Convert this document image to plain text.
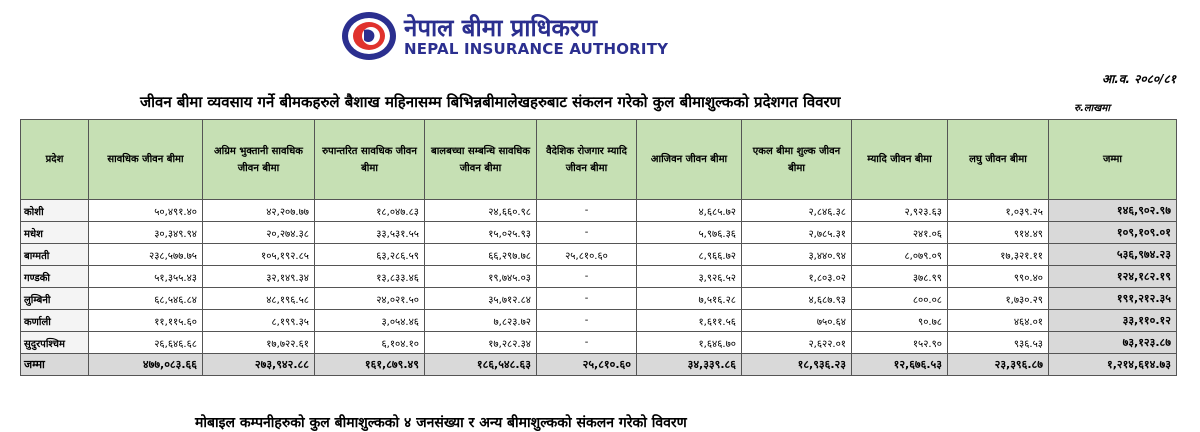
नेपाल बीमा प्राधिकरण
NEPAL INSURANCE AUTHORITY
आ.व. २०८०/८१
जीवन बीमा व्यवसाय गर्ने बीमकहरुले बैशाख महिनासम्म बिभिन्नबीमालेखहरुबाट संकलन गरेको कुल बीमाशुल्कको प्रदेशगत विवरण	रु.लाखमा
प्रदेश	सावधिक जीवन बीमा	अग्रिम भुक्तानी सावधिक जीवन बीमा	रुपान्तरित सावधिक जीवन बीमा	बालबच्चा सम्बन्धि सावधिक जीवन बीमा	वैदेशिक रोजगार म्यादि जीवन बीमा	आजिवन जीवन बीमा	एकल बीमा शुल्क जीवन बीमा	म्यादि जीवन बीमा	लघु जीवन बीमा	जम्मा
कोशी	५०,४९१.४०	४२,२०७.७७	१८,०४७.८३	२४,६६०.९८	-	४,६८५.७२	२,८४६.३८	२,९२३.६३	१,०३९.२५	१४६,९०२.९७
मधेश	३०,३४९.९४	२०,२७४.३८	३३,५३१.५५	१५,०२५.९३	-	५,९७६.३६	२,७८५.३१	२४१.०६	९१४.४९	१०९,१०९.०१
बाग्मती	२३८,५७७.७५	१०५,१९२.८५	६३,२८६.५९	६६,२९७.७८	२५,८१०.६०	८,९६६.७२	३,४४०.९४	८,०७९.०९	१७,३२१.११	५३६,९७४.२३
गण्डकी	५१,३५५.४३	३२,१४९.३४	१३,८३३.४६	१९,७४५.०३	-	३,९२६.५२	१,८०३.०२	३७८.९९	९९०.४०	१२४,१८२.१९
लुम्बिनी	६८,५४६.८४	४८,१९६.५८	२४,०२१.५०	३५,७१२.८४	-	७,५१६.२८	४,६८७.९३	८००.०८	१,७३०.२९	१९१,२१२.३५
कर्णाली	११,११५.६०	८,१९९.३५	३,०५४.४६	७,८२३.७२	-	१,६११.५६	७५०.६४	९०.७८	४६४.०१	३३,११०.१२
सुदुरपश्चिम	२६,६४६.६८	१७,७२२.६१	६,१०४.१०	१७,२८२.३४	-	१,६४६.७०	२,६२२.०१	१५२.९०	९३६.५३	७३,१२३.८७
जम्मा	४७७,०८३.६६	२७३,९४२.८८	१६१,८७९.४९	१८६,५४८.६३	२५,८१०.६०	३४,३३९.८६	१८,९३६.२३	१२,६७६.५३	२३,३९६.८७	१,२१४,६१४.७३
मोबाइल कम्पनीहरुको कुल बीमाशुल्कको ४ जनसंख्या र अन्य बीमाशुल्कको संकलन गरेको विवरण
